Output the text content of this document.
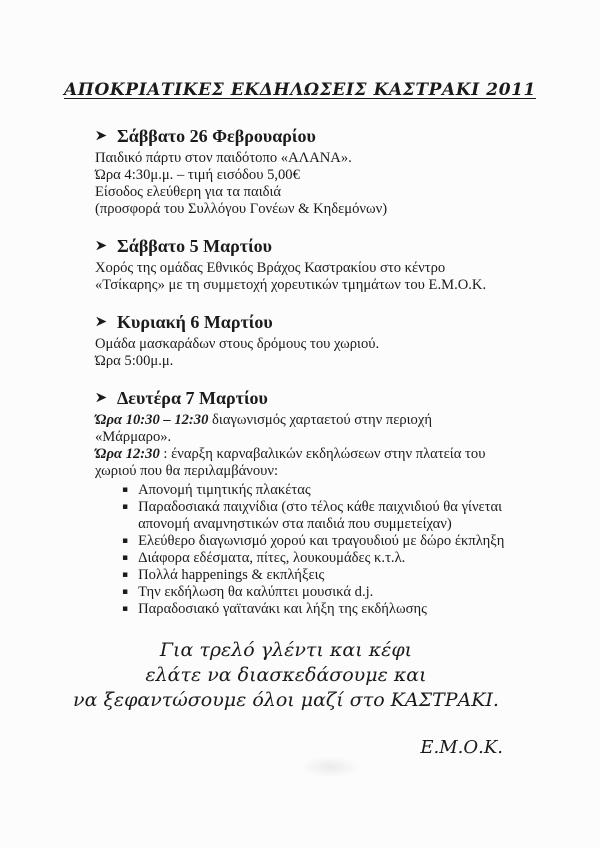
ΑΠΟΚΡΙΑΤΙΚΕΣ ΕΚΔΗΛΩΣΕΙΣ ΚΑΣΤΡΑΚΙ 2011
Σάββατο 26 Φεβρουαρίου
Παιδικό πάρτυ στον παιδότοπο «ΑΛΑΝΑ».
Ώρα 4:30μ.μ. – τιμή εισόδου 5,00€
Είσοδος ελεύθερη για τα παιδιά
(προσφορά του Συλλόγου Γονέων & Κηδεμόνων)
Σάββατο 5 Μαρτίου
Χορός της ομάδας Εθνικός Βράχος Καστρακίου στο κέντρο
«Τσίκαρης» με τη συμμετοχή χορευτικών τμημάτων του Ε.Μ.Ο.Κ.
Κυριακή 6 Μαρτίου
Ομάδα μασκαράδων στους δρόμους του χωριού.
Ώρα 5:00μ.μ.
Δευτέρα 7 Μαρτίου
Ώρα 10:30 – 12:30 διαγωνισμός χαρταετού στην περιοχή
«Μάρμαρο».
Ώρα 12:30 : έναρξη καρναβαλικών εκδηλώσεων στην πλατεία του
χωριού που θα περιλαμβάνουν:
▪ Απονομή τιμητικής πλακέτας
▪ Παραδοσιακά παιχνίδια (στο τέλος κάθε παιχνιδιού θα γίνεται
απονομή αναμνηστικών στα παιδιά που συμμετείχαν)
▪ Ελεύθερο διαγωνισμό χορού και τραγουδιού με δώρο έκπληξη
▪ Διάφορα εδέσματα, πίτες, λουκουμάδες κ.τ.λ.
▪ Πολλά happenings & εκπλήξεις
▪ Την εκδήλωση θα καλύπτει μουσικά d.j.
▪ Παραδοσιακό γαϊτανάκι και λήξη της εκδήλωσης
Για τρελό γλέντι και κέφι
ελάτε να διασκεδάσουμε και
να ξεφαντώσουμε όλοι μαζί στο ΚΑΣΤΡΑΚΙ.
Ε.Μ.Ο.Κ.
